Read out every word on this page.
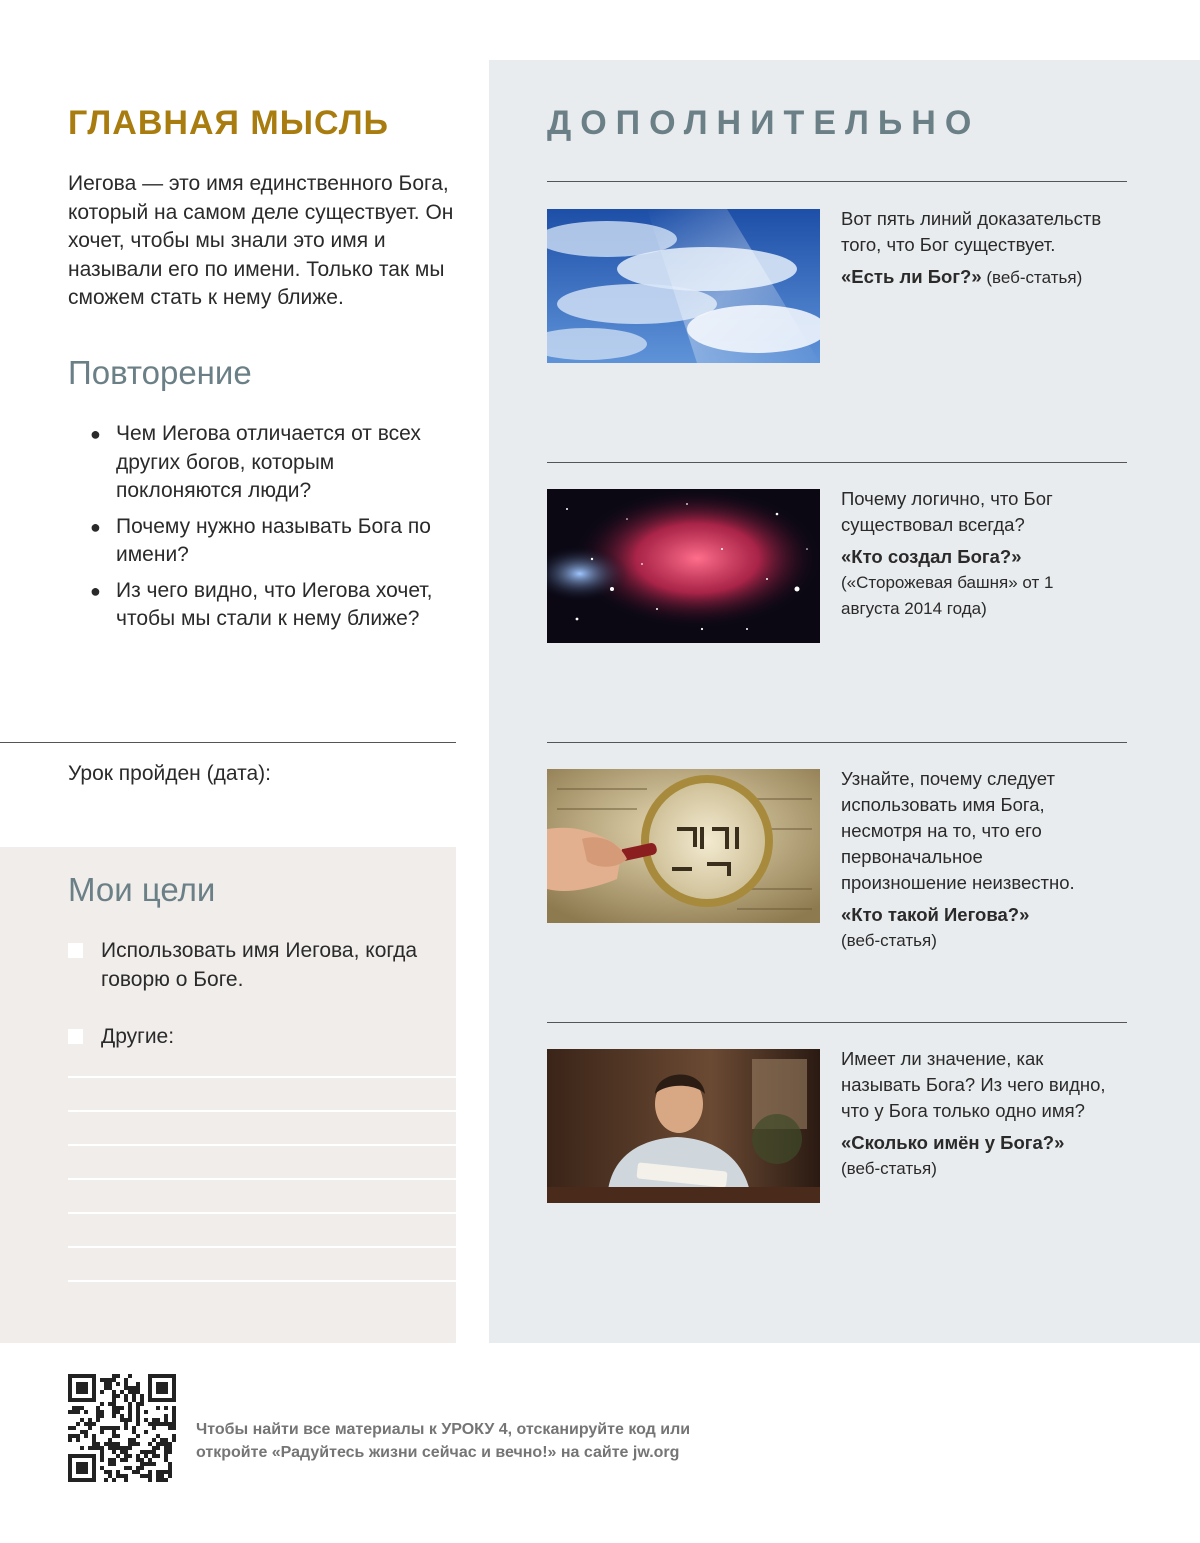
ГЛАВНАЯ МЫСЛЬ

Иегова — это имя единственного Бога, который на самом деле существует. Он хочет, чтобы мы знали это имя и называли его по имени. Только так мы сможем стать к нему ближе.

Повторение
● Чем Иегова отличается от всех других богов, которым поклоняются люди?
● Почему нужно называть Бога по имени?
● Из чего видно, что Иегова хочет, чтобы мы стали к нему ближе?

Урок пройден (дата):

Мои цели
Использовать имя Иегова, когда говорю о Боге.
Другие:
ДОПОЛНИТЕЛЬНО

Вот пять линий доказательств того, что Бог существует.
«Есть ли Бог?» (веб-статья)

Почему логично, что Бог существовал всегда?
«Кто создал Бога?»
(«Сторожевая башня» от 1 августа 2014 года)

Узнайте, почему следует использовать имя Бога, несмотря на то, что его первоначальное произношение неизвестно.
«Кто такой Иегова?»
(веб-статья)

Имеет ли значение, как называть Бога? Из чего видно, что у Бога только одно имя?
«Сколько имён у Бога?»
(веб-статья)

Чтобы найти все материалы к УРОКУ 4, отсканируйте код или откройте «Радуйтесь жизни сейчас и вечно!» на сайте jw.org
